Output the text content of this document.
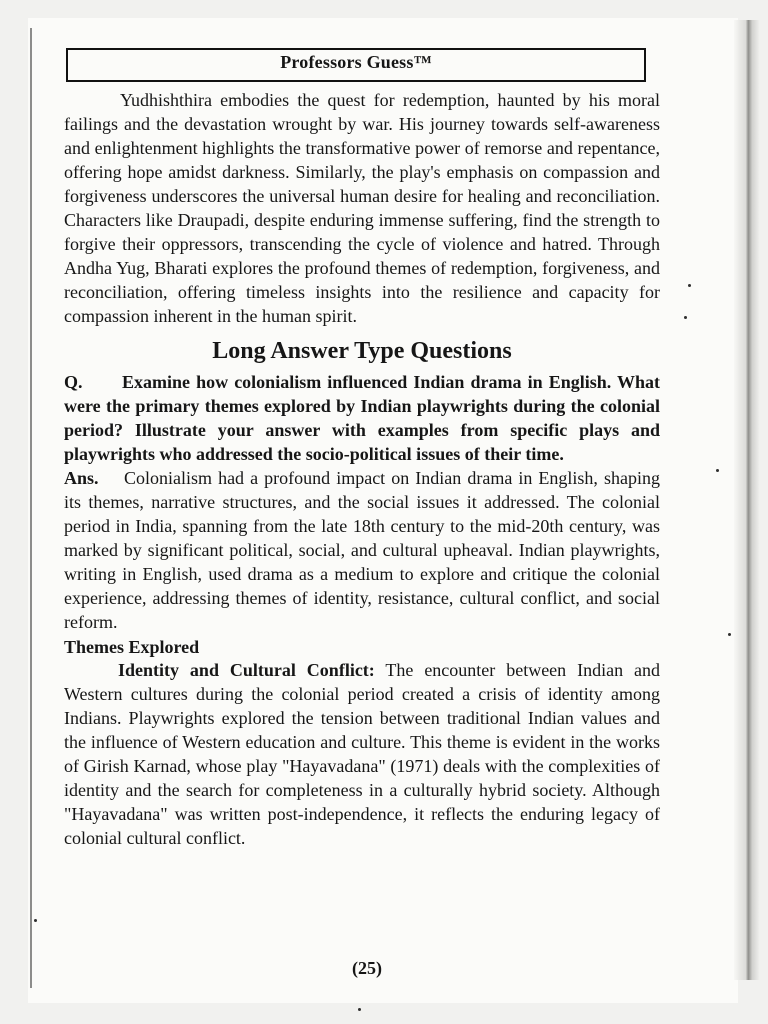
Professors Guess™

Yudhishthira embodies the quest for redemption, haunted by his moral failings and the devastation wrought by war. His journey towards self-awareness and enlightenment highlights the transformative power of remorse and repentance, offering hope amidst darkness. Similarly, the play's emphasis on compassion and forgiveness underscores the universal human desire for healing and reconciliation. Characters like Draupadi, despite enduring immense suffering, find the strength to forgive their oppressors, transcending the cycle of violence and hatred. Through Andha Yug, Bharati explores the profound themes of redemption, forgiveness, and reconciliation, offering timeless insights into the resilience and capacity for compassion inherent in the human spirit.

Long Answer Type Questions

Q. Examine how colonialism influenced Indian drama in English. What were the primary themes explored by Indian playwrights during the colonial period? Illustrate your answer with examples from specific plays and playwrights who addressed the socio-political issues of their time.

Ans. Colonialism had a profound impact on Indian drama in English, shaping its themes, narrative structures, and the social issues it addressed. The colonial period in India, spanning from the late 18th century to the mid-20th century, was marked by significant political, social, and cultural upheaval. Indian playwrights, writing in English, used drama as a medium to explore and critique the colonial experience, addressing themes of identity, resistance, cultural conflict, and social reform.

Themes Explored

Identity and Cultural Conflict: The encounter between Indian and Western cultures during the colonial period created a crisis of identity among Indians. Playwrights explored the tension between traditional Indian values and the influence of Western education and culture. This theme is evident in the works of Girish Karnad, whose play "Hayavadana" (1971) deals with the complexities of identity and the search for completeness in a culturally hybrid society. Although "Hayavadana" was written post-independence, it reflects the enduring legacy of colonial cultural conflict.

(25)
